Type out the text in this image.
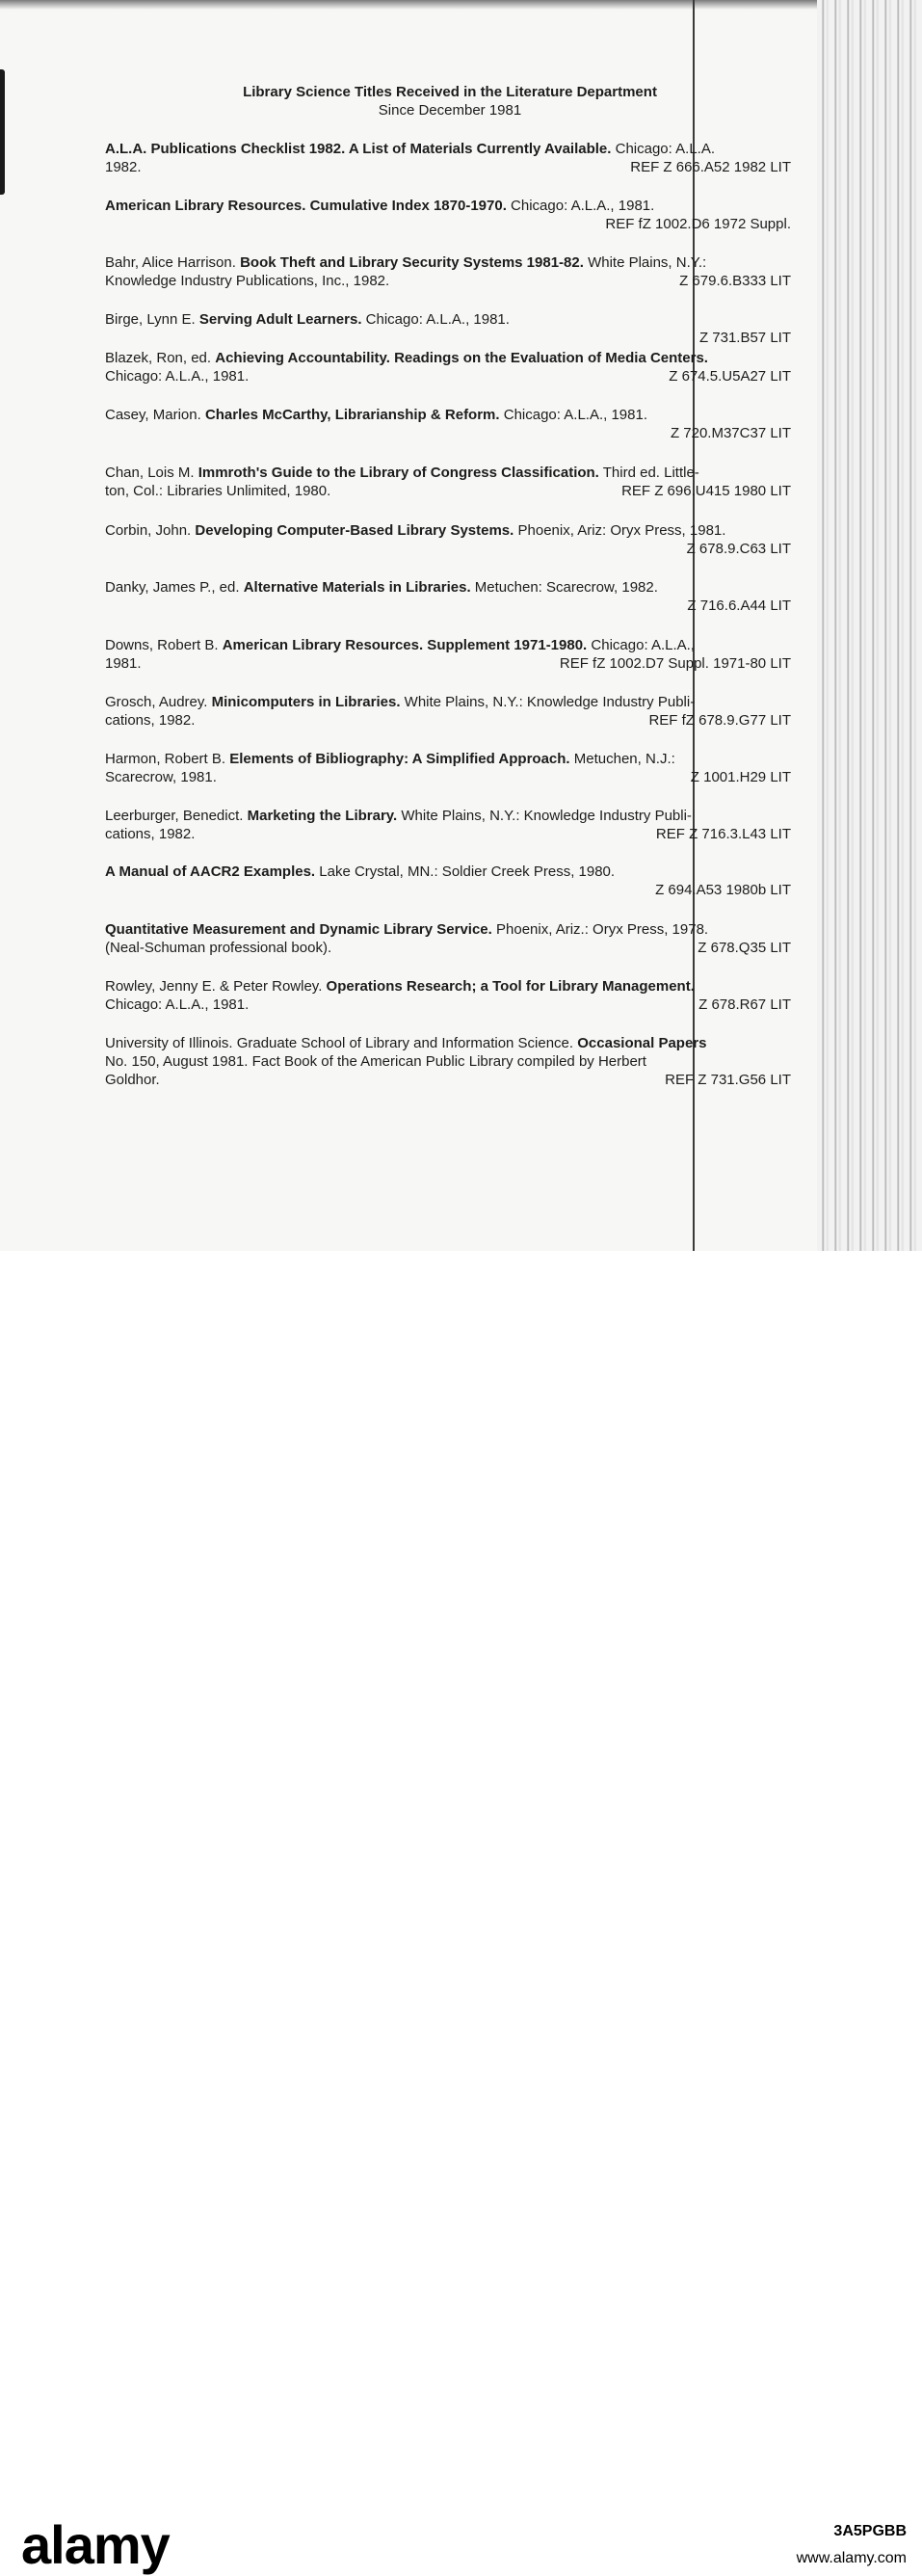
Library Science Titles Received in the Literature Department
Since December 1981
A.L.A. Publications Checklist 1982. A List of Materials Currently Available. Chicago: A.L.A.
1982.	REF Z 666.A52 1982 LIT
American Library Resources. Cumulative Index 1870-1970. Chicago: A.L.A., 1981.

REF fZ 1002.D6 1972 Suppl.
Bahr, Alice Harrison. Book Theft and Library Security Systems 1981-82. White Plains, N.Y.:
Knowledge Industry Publications, Inc., 1982.	Z 679.6.B333 LIT
Birge, Lynn E. Serving Adult Learners. Chicago: A.L.A., 1981.

Z 731.B57 LIT
Blazek, Ron, ed. Achieving Accountability. Readings on the Evaluation of Media Centers.
Chicago: A.L.A., 1981.	Z 674.5.U5A27 LIT
Casey, Marion. Charles McCarthy, Librarianship & Reform. Chicago: A.L.A., 1981.

Z 720.M37C37 LIT
Chan, Lois M. Immroth's Guide to the Library of Congress Classification. Third ed. Little-
ton, Col.: Libraries Unlimited, 1980.	REF Z 696.U415 1980 LIT
Corbin, John. Developing Computer-Based Library Systems. Phoenix, Ariz: Oryx Press, 1981.

Z 678.9.C63 LIT
Danky, James P., ed. Alternative Materials in Libraries. Metuchen: Scarecrow, 1982.

Z 716.6.A44 LIT
Downs, Robert B. American Library Resources. Supplement 1971-1980. Chicago: A.L.A.,
1981.	REF fZ 1002.D7 Suppl. 1971-80 LIT
Grosch, Audrey. Minicomputers in Libraries. White Plains, N.Y.: Knowledge Industry Publi-
cations, 1982.	REF fZ 678.9.G77 LIT
Harmon, Robert B. Elements of Bibliography: A Simplified Approach. Metuchen, N.J.:
Scarecrow, 1981.	Z 1001.H29 LIT
Leerburger, Benedict. Marketing the Library. White Plains, N.Y.: Knowledge Industry Publi-
cations, 1982.	REF Z 716.3.L43 LIT
A Manual of AACR2 Examples. Lake Crystal, MN.: Soldier Creek Press, 1980.

Z 694.A53 1980b LIT
Quantitative Measurement and Dynamic Library Service. Phoenix, Ariz.: Oryx Press, 1978.
(Neal-Schuman professional book).	Z 678.Q35 LIT
Rowley, Jenny E. & Peter Rowley. Operations Research; a Tool for Library Management.
Chicago: A.L.A., 1981.	Z 678.R67 LIT
University of Illinois. Graduate School of Library and Information Science. Occasional Papers
No. 150, August 1981. Fact Book of the American Public Library compiled by Herbert
Goldhor.	REF Z 731.G56 LIT
alamy	3A5PGBB
www.alamy.com
